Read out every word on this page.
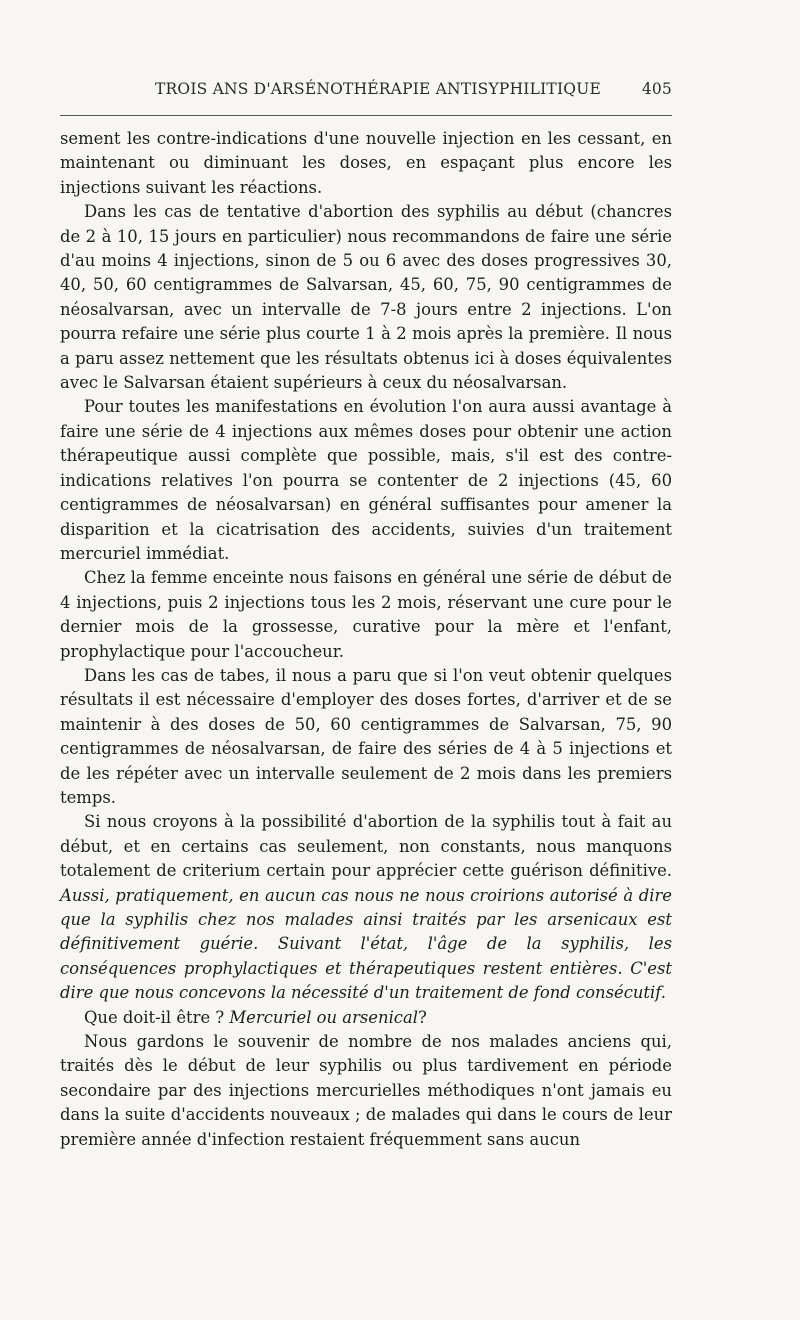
TROIS ANS D'ARSÉNOTHÉRAPIE ANTISYPHILITIQUE	405

sement les contre-indications d'une nouvelle injection en les cessant, en maintenant ou diminuant les doses, en espaçant plus encore les injections suivant les réactions.

Dans les cas de tentative d'abortion des syphilis au début (chancres de 2 à 10, 15 jours en particulier) nous recommandons de faire une série d'au moins 4 injections, sinon de 5 ou 6 avec des doses progressives 30, 40, 50, 60 centigrammes de Salvarsan, 45, 60, 75, 90 centigrammes de néosalvarsan, avec un intervalle de 7-8 jours entre 2 injections. L'on pourra refaire une série plus courte 1 à 2 mois après la première. Il nous a paru assez nettement que les résultats obtenus ici à doses équivalentes avec le Salvarsan étaient supérieurs à ceux du néosalvarsan.

Pour toutes les manifestations en évolution l'on aura aussi avantage à faire une série de 4 injections aux mêmes doses pour obtenir une action thérapeutique aussi complète que possible, mais, s'il est des contre-indications relatives l'on pourra se contenter de 2 injections (45, 60 centigrammes de néosalvarsan) en général suffisantes pour amener la disparition et la cicatrisation des accidents, suivies d'un traitement mercuriel immédiat.

Chez la femme enceinte nous faisons en général une série de début de 4 injections, puis 2 injections tous les 2 mois, réservant une cure pour le dernier mois de la grossesse, curative pour la mère et l'enfant, prophylactique pour l'accoucheur.

Dans les cas de tabes, il nous a paru que si l'on veut obtenir quelques résultats il est nécessaire d'employer des doses fortes, d'arriver et de se maintenir à des doses de 50, 60 centigrammes de Salvarsan, 75, 90 centigrammes de néosalvarsan, de faire des séries de 4 à 5 injections et de les répéter avec un intervalle seulement de 2 mois dans les premiers temps.

Si nous croyons à la possibilité d'abortion de la syphilis tout à fait au début, et en certains cas seulement, non constants, nous manquons totalement de criterium certain pour apprécier cette guérison définitive. Aussi, pratiquement, en aucun cas nous ne nous croirions autorisé à dire que la syphilis chez nos malades ainsi traités par les arsenicaux est définitivement guérie. Suivant l'état, l'âge de la syphilis, les conséquences prophylactiques et thérapeutiques restent entières. C'est dire que nous concevons la nécessité d'un traitement de fond consécutif.

Que doit-il être ? Mercuriel ou arsenical?

Nous gardons le souvenir de nombre de nos malades anciens qui, traités dès le début de leur syphilis ou plus tardivement en période secondaire par des injections mercurielles méthodiques n'ont jamais eu dans la suite d'accidents nouveaux ; de malades qui dans le cours de leur première année d'infection restaient fréquemment sans aucun
